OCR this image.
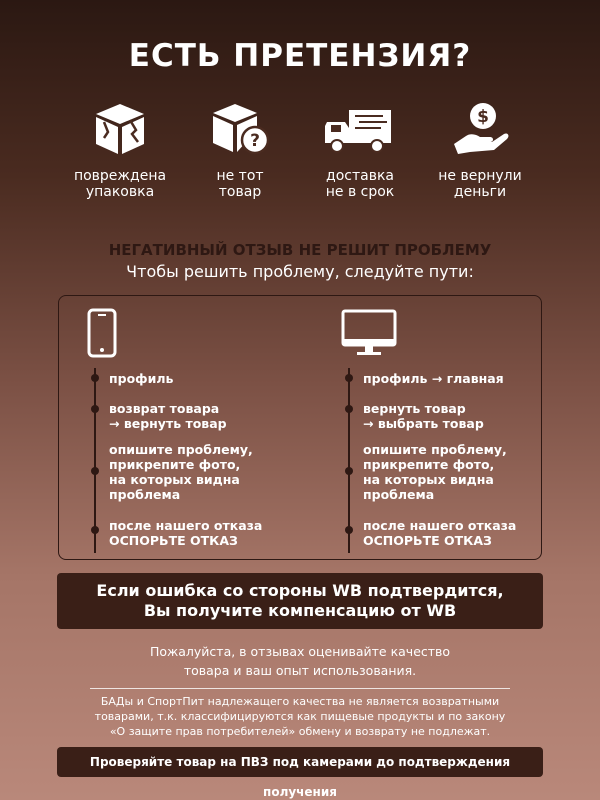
ЕСТЬ ПРЕТЕНЗИЯ?
повреждена
упаковка
?
не тот
товар
доставка
не в срок
$
не вернули
деньги
НЕГАТИВНЫЙ ОТЗЫВ НЕ РЕШИТ ПРОБЛЕМУ
Чтобы решить проблему, следуйте пути:
профиль
возврат товара
→ вернуть товар
опишите проблему,
прикрепите фото,
на которых видна
проблема
после нашего отказа
ОСПОРЬТЕ ОТКАЗ
профиль → главная
вернуть товар
→ выбрать товар
опишите проблему,
прикрепите фото,
на которых видна
проблема
после нашего отказа
ОСПОРЬТЕ ОТКАЗ
Если ошибка со стороны WB подтвердится,
Вы получите компенсацию от WB
Пожалуйста, в отзывах оценивайте качество
товара и ваш опыт использования.
БАДы и СпортПит надлежащего качества не является возвратными
товарами, т.к. классифицируются как пищевые продукты и по закону
«О защите прав потребителей» обмену и возврату не подлежат.
Проверяйте товар на ПВЗ под камерами до подтверждения получения
